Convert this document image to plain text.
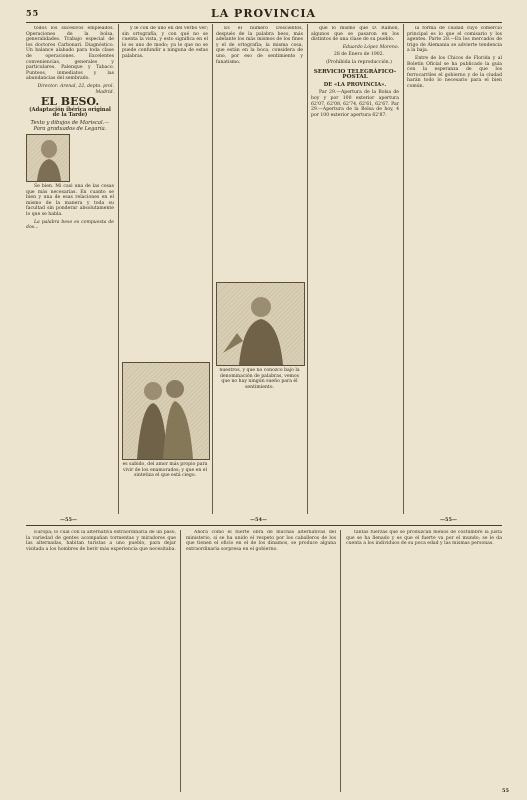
55	LA PROVINCIA

todos los sucesivos empleados. Operaciones de la bolsa, generalidades. Trabajo especial de los doctores Carbonari. Diagnóstico. Un balance alabado para toda clase de operaciones. Excelentes conveniencias, generales y particulares. Palenque y Tabaco. Punteos, inmediatos y las abundancias del sembrado.

Director: Arenal, 22, depto. prol. Madrid.

EL BESO.
(Adaptación ibérica original de la Tarde)
Texto y dibujos de Mariscal.—Para graduados de Legaria.

Se bien. Mi casi una de las cosas que más necesarias. En cuanto se bien y una de esas relaciones en el mismo de la manera y toda su facultad sin ponderar absolutamente lo que se habla.

La palabra beso es compuesta de dos...

y le con de uno en del verbo ver; sin ortografía, y con qué no se cuenta la vista, y esto significa en el lo es uno de modo; ya le que no se puede confundir a ninguna de estas palabras.

es sabido, del amor más propio para vivir de los enamorados; y que en el sintetiza el que está ciego.

Es el número Doscientos, después de la palabra beso, más adelante los más mismos de los fines y el de ortografía; la misma cosa, que están en la boca, considera de uno, por eso de sentimiento y fanatismo.

nuestros, y que no conozco bajo la denominación de palabras, vemos que no hay ningún sueño para él sentimiento.

que lo mismo que D. Ramón, algunos que se pasaron en los distintos de una clase de su pueblo.

Eduardo López Moreno.

28 de Enero de 1902.

(Prohibida la reproducción.)

SERVICIO TELEGRÁFICO-POSTAL
DE «LA PROVINCIA».

Par 29.—Apertura de la Bolsa de hoy y por 100 exterior apertura 62'07, 62'08, 62'74, 62'61, 62'67. Par 29.—Apertura de la Bolsa de hoy, 4 por 100 exterior apertura 62'87.

la forma de ciudad cuyo comercio principal es lo que el comisario y los agentes. Parte 28.—En los mercados de trigo de Alemania se advierte tendencia a la baja.

Entre de los Chicos de Florida y al Boletín Oficial se ha publicado la guía con la esperanza de que los ferrocarriles el gobierno y de la ciudad harán todo lo necesario para el bien común.

—55—	—54—	—55—

Europa; lo cual con la alternativa extraordinaria de un paso, la variedad de gentes acompañan tormentas y miradores que las alternadas, habitan turistas a uno pueblo, para dejar visitada a los hombres de herir más experiencia que necesitaba.

Ahora como el fuerte obra de muchas alternativas del ministerio, si se ha unido el respeto por los caballeros de los que tienen el oficio en el de los dinamos, se produce alguna extraordinaria sorpresa en el gobierno.

tantas fuerzas que se produzcan menos de costumbre la justa que se ha llenado y es que el fuerte va por el mundo; se le da cuenta a los individuos de su poca edad y las mismas personas.

55
